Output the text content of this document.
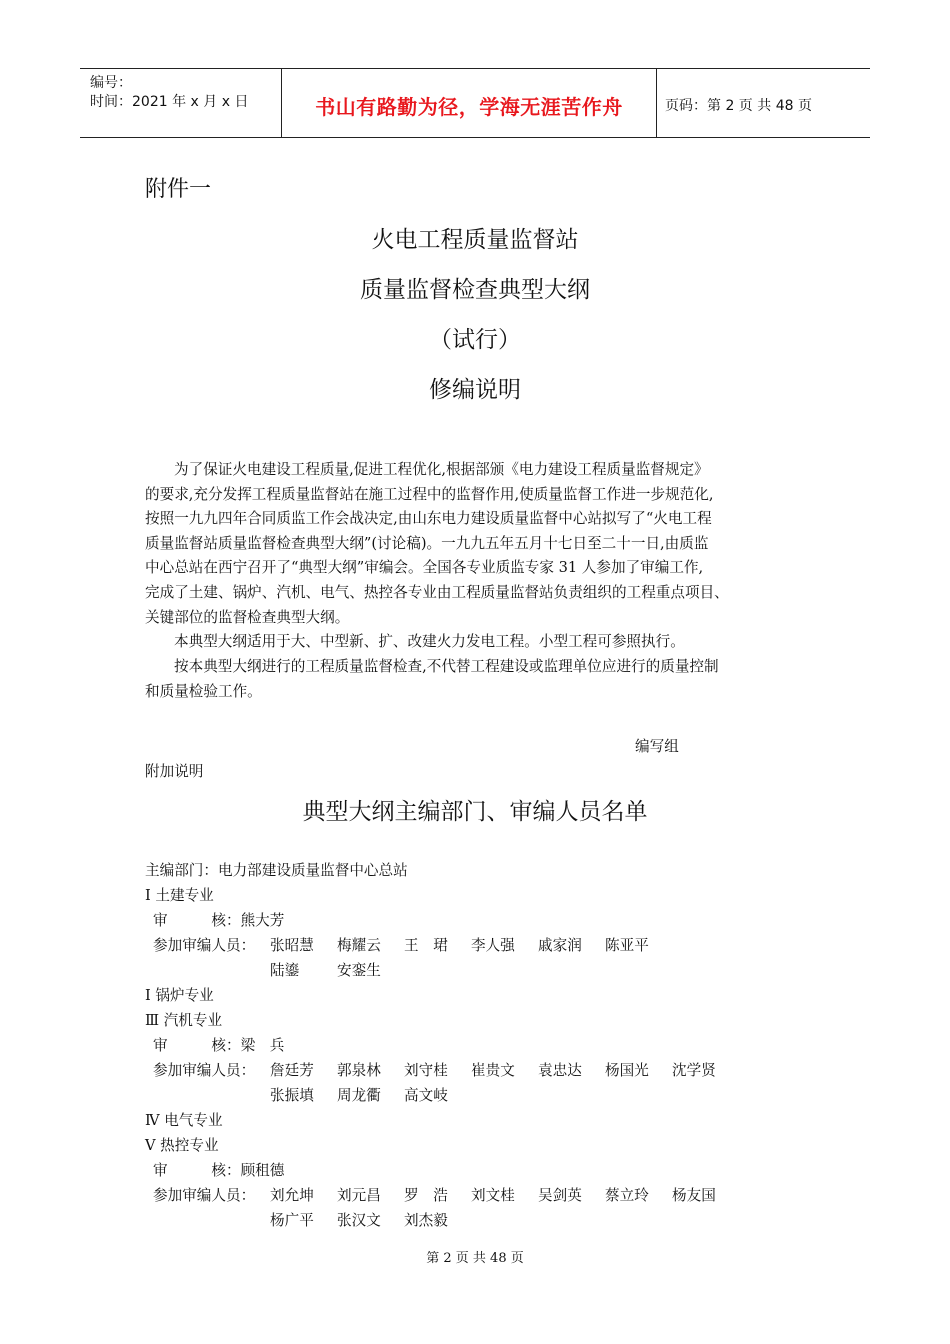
编号：
时间：2021 年 x 月 x 日	书山有路勤为径，学海无涯苦作舟	页码：第 2 页 共 48 页
附件一
火电工程质量监督站
质量监督检查典型大纲
（试行）
修编说明
为了保证火电建设工程质量,促进工程优化,根据部颁《电力建设工程质量监督规定》
的要求,充分发挥工程质量监督站在施工过程中的监督作用,使质量监督工作进一步规范化,
按照一九九四年合同质监工作会战决定,由山东电力建设质量监督中心站拟写了“火电工程
质量监督站质量监督检查典型大纲”(讨论稿)。一九九五年五月十七日至二十一日,由质监
中心总站在西宁召开了“典型大纲”审编会。全国各专业质监专家 31 人参加了审编工作,
完成了土建、锅炉、汽机、电气、热控各专业由工程质量监督站负责组织的工程重点项目、
关键部位的监督检查典型大纲。
本典型大纲适用于大、中型新、扩、改建火力发电工程。小型工程可参照执行。
按本典型大纲进行的工程质量监督检查,不代替工程建设或监理单位应进行的质量控制
和质量检验工作。
编写组
附加说明
典型大纲主编部门、审编人员名单
主编部门：电力部建设质量监督中心总站
Ⅰ 土建专业
审　　　核：熊大芳
参加审编人员： 张昭慧 梅耀云 王　珺 李人强 戚家润 陈亚平
陆鎏	安銮生
Ⅰ 锅炉专业
Ⅲ 汽机专业
审　　　核：梁　兵
参加审编人员： 詹廷芳 郭泉林 刘守桂 崔贵文 袁忠达 杨国光 沈学贤
张振填 周龙衢 高文岐
Ⅳ 电气专业
Ⅴ 热控专业
审　　　核：顾租德
参加审编人员： 刘允坤 刘元昌 罗　浩 刘文桂 吴剑英 蔡立玲 杨友国
杨广平 张汉文 刘杰毅
第 2 页 共 48 页
